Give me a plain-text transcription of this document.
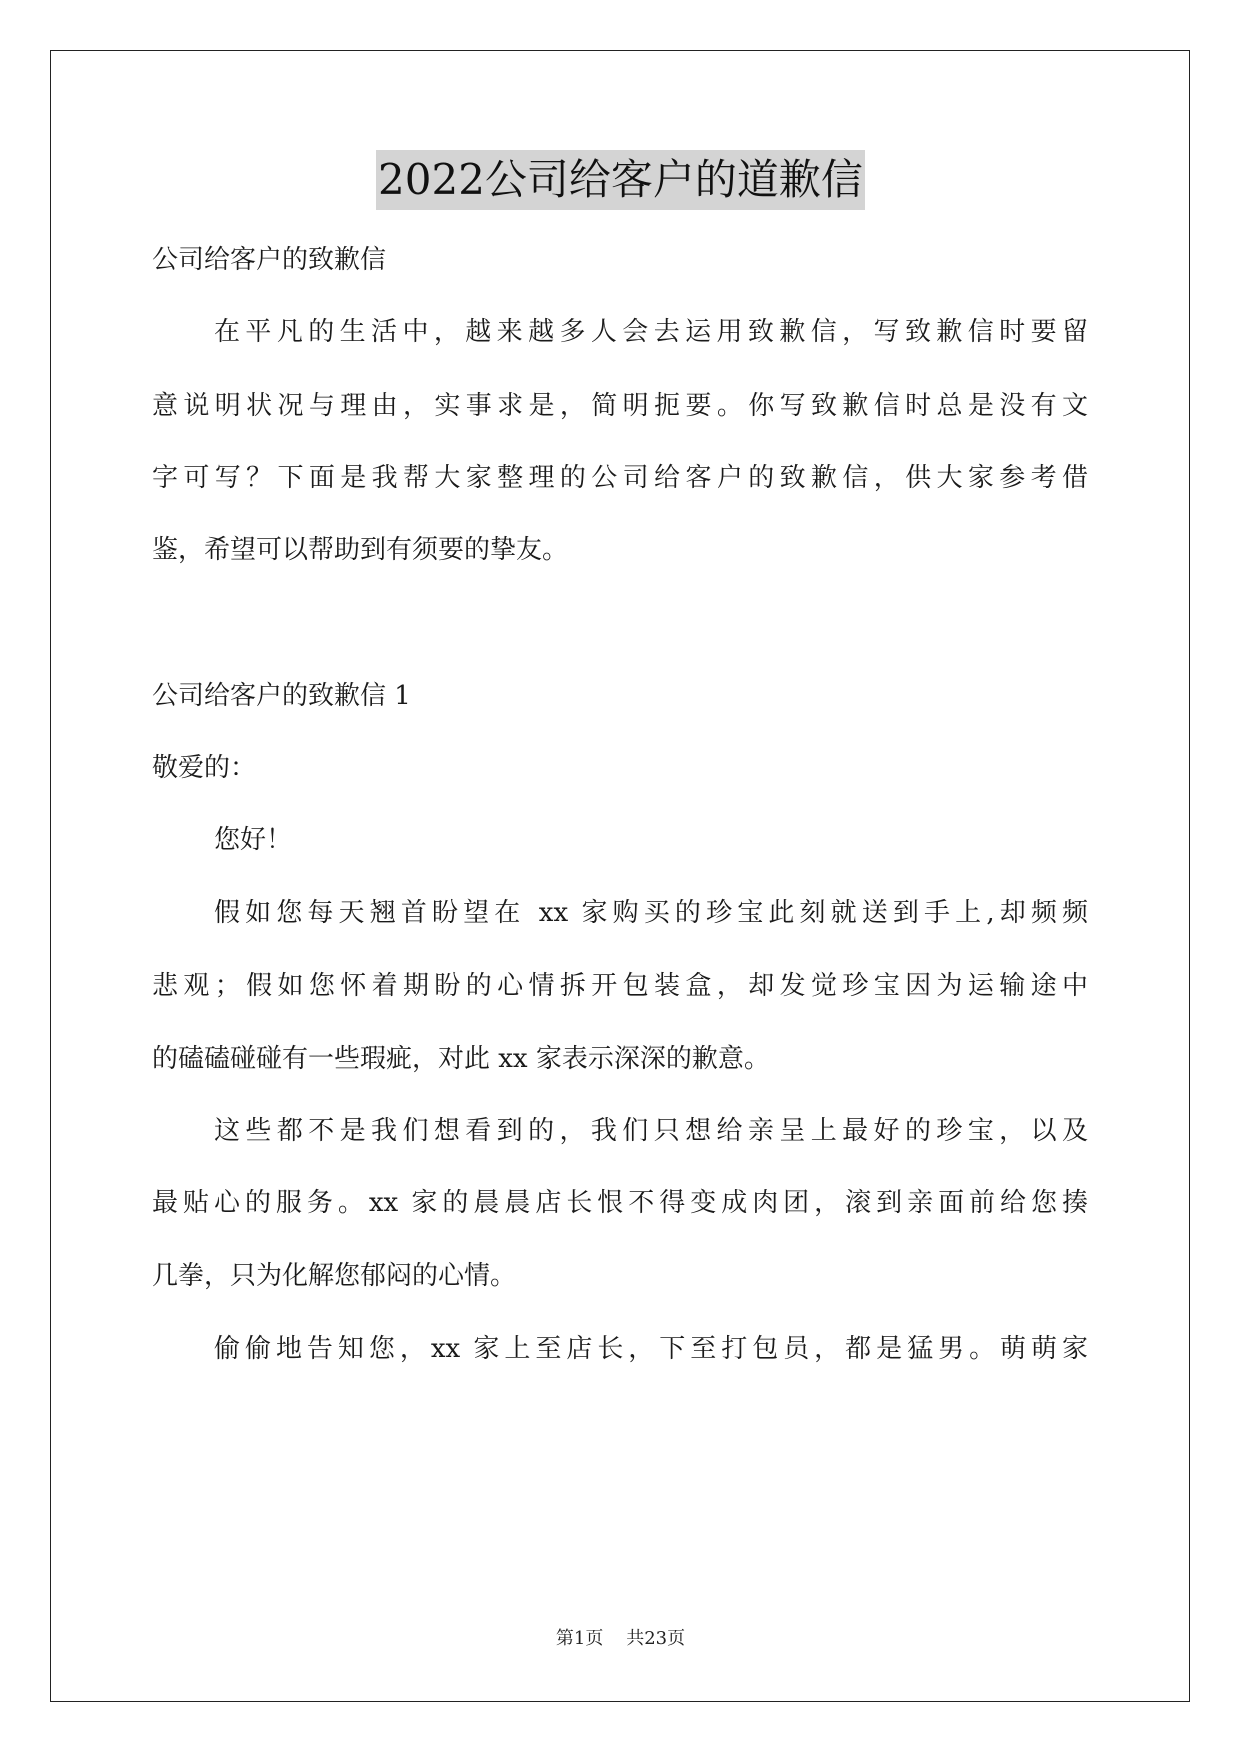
2022公司给客户的道歉信
公司给客户的致歉信
在平凡的生活中，越来越多人会去运用致歉信，写致歉信时要留
意说明状况与理由，实事求是，简明扼要。你写致歉信时总是没有文
字可写？下面是我帮大家整理的公司给客户的致歉信，供大家参考借
鉴，希望可以帮助到有须要的挚友。
公司给客户的致歉信 1
敬爱的：
您好！
假如您每天翘首盼望在 xx 家购买的珍宝此刻就送到手上,却频频
悲观；假如您怀着期盼的心情拆开包装盒，却发觉珍宝因为运输途中
的磕磕碰碰有一些瑕疵，对此 xx 家表示深深的歉意。
这些都不是我们想看到的，我们只想给亲呈上最好的珍宝，以及
最贴心的服务。xx 家的晨晨店长恨不得变成肉团，滚到亲面前给您揍
几拳，只为化解您郁闷的心情。
偷偷地告知您，xx 家上至店长，下至打包员，都是猛男。萌萌家
第1页    共23页
